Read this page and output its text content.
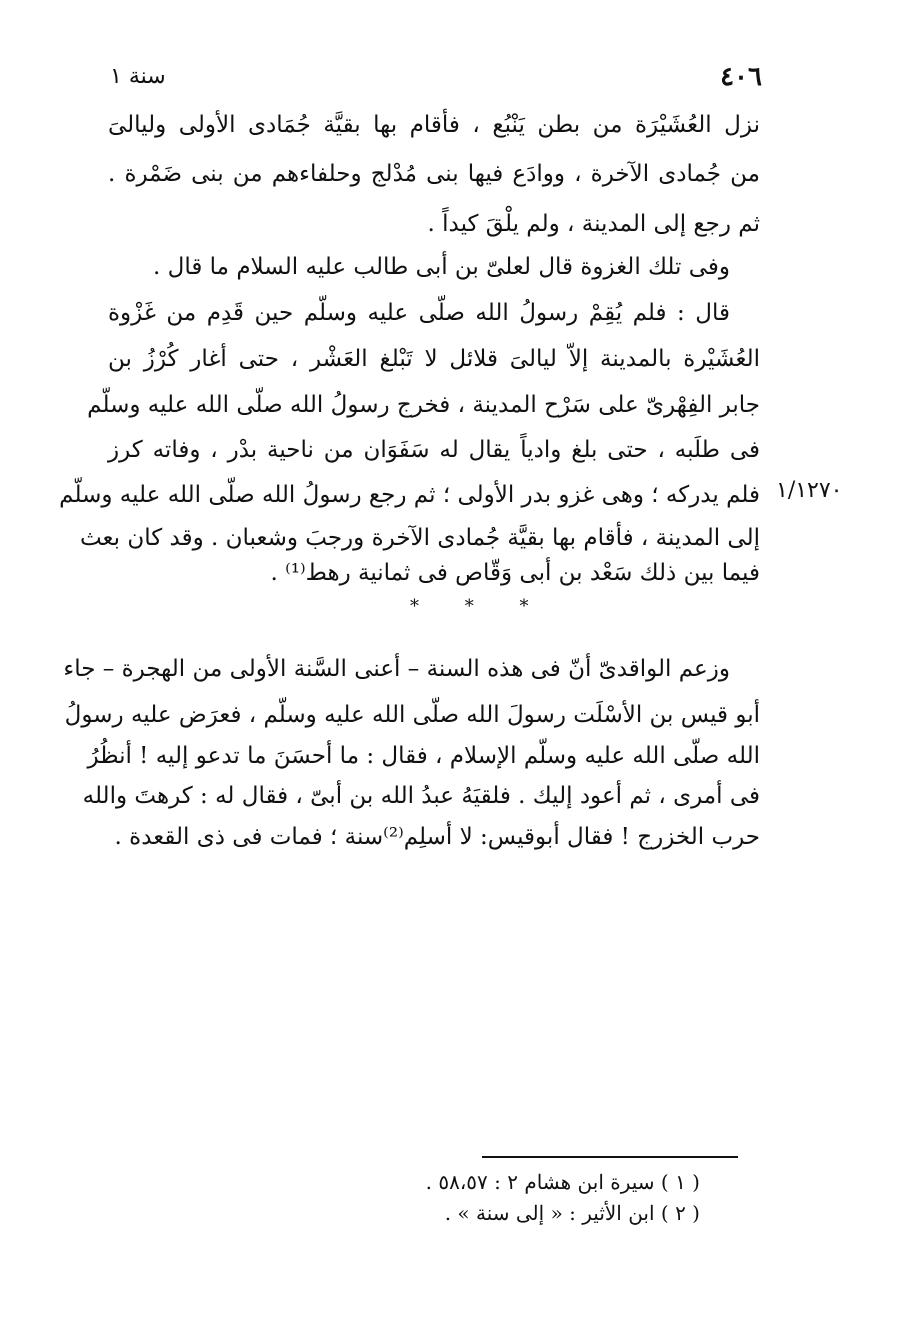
٤٠٦
سنة ١
نزل العُشَيْرَة من بطن يَنْبُع ، فأقام بها بقيَّة جُمَادى الأولى وليالىَ
من جُمادى الآخرة ، ووادَع فيها بنى مُدْلج وحلفاءهم من بنى ضَمْرة .
ثم رجع إلى المدينة ، ولم يلْقَ كيداً .
وفى تلك الغزوة قال لعلىّ بن أبى طالب عليه السلام ما قال .
قال : فلم يُقِمْ رسولُ الله صلّى عليه وسلّم حين قَدِم من غَزْوة
العُشَيْرة بالمدينة إلاّ ليالىَ قلائل لا تَبْلغ العَشْر ، حتى أغار كُرْزُ بن
جابر الفِهْرىّ على سَرْح المدينة ، فخرج رسولُ الله صلّى الله عليه وسلّم
فى طلَبه ، حتى بلغ وادياً يقال له سَفَوَان من ناحية بدْر ، وفاته كرز
فلم يدركه ؛ وهى غزو بدر الأولى ؛ ثم رجع رسولُ الله صلّى الله عليه وسلّم
إلى المدينة ، فأقام بها بقيَّة جُمادى الآخرة ورجبَ وشعبان . وقد كان بعث
فيما بين ذلك سَعْد بن أبى وَقّاص فى ثمانية رهط⁽¹⁾ .
١/١٢٧٠
* * *
وزعم الواقدىّ أنّ فى هذه السنة – أعنى السَّنة الأولى من الهجرة – جاء
أبو قيس بن الأسْلَت رسولَ الله صلّى الله عليه وسلّم ، فعرَض عليه رسولُ
الله صلّى الله عليه وسلّم الإسلام ، فقال : ما أحسَنَ ما تدعو إليه ! أنظُرُ
فى أمرى ، ثم أعود إليك . فلقيَهُ عبدُ الله بن أبىّ ، فقال له : كرهتَ والله
حرب الخزرج ! فقال أبوقيس: لا أسلِم⁽²⁾سنة ؛ فمات فى ذى القعدة .
( ١ ) سيرة ابن هشام ٢ : ٥٨،٥٧ .
( ٢ ) ابن الأثير : « إلى سنة » .
